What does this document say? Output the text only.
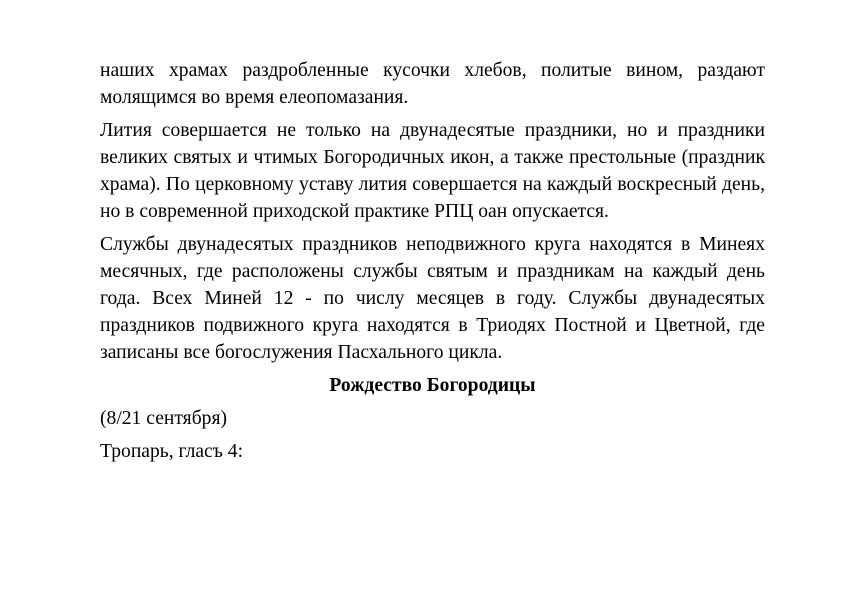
наших храмах раздробленные кусочки хлебов, политые вином, раздают молящимся во время елеопомазания.

Лития совершается не только на двунадесятые праздники, но и праздники великих святых и чтимых Богородичных икон, а также престольные (праздник храма). По церковному уставу лития совершается на каждый воскресный день, но в современной приходской практике РПЦ оан опускается.

Службы двунадесятых праздников неподвижного круга находятся в Минеях месячных, где расположены службы святым и праздникам на каждый день года. Всех Миней 12 - по числу месяцев в году. Службы двунадесятых праздников подвижного круга находятся в Триодях Постной и Цветной, где записаны все богослужения Пасхального цикла.

Рождество Богородицы

(8/21 сентября)

Тропарь, гласъ 4:
